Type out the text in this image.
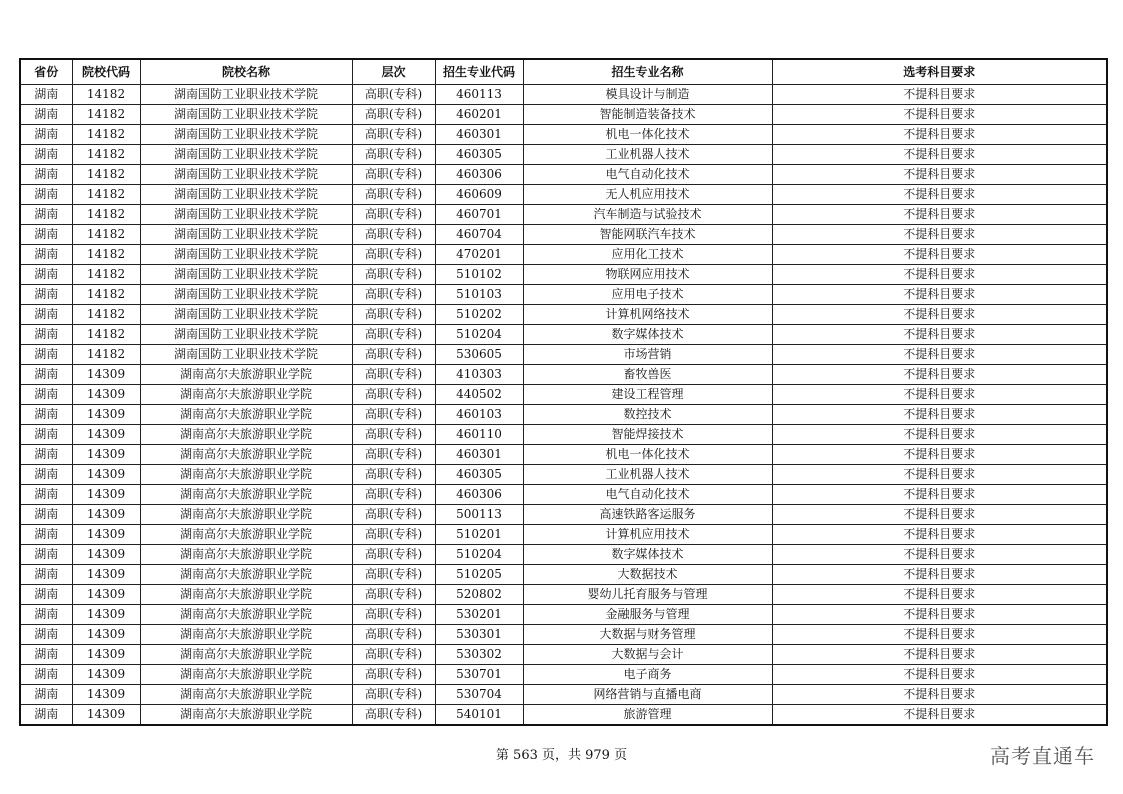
省份	院校代码	院校名称	层次	招生专业代码	招生专业名称	选考科目要求
湖南	14182	湖南国防工业职业技术学院	高职(专科)	460113	模具设计与制造	不提科目要求
湖南	14182	湖南国防工业职业技术学院	高职(专科)	460201	智能制造装备技术	不提科目要求
湖南	14182	湖南国防工业职业技术学院	高职(专科)	460301	机电一体化技术	不提科目要求
湖南	14182	湖南国防工业职业技术学院	高职(专科)	460305	工业机器人技术	不提科目要求
湖南	14182	湖南国防工业职业技术学院	高职(专科)	460306	电气自动化技术	不提科目要求
湖南	14182	湖南国防工业职业技术学院	高职(专科)	460609	无人机应用技术	不提科目要求
湖南	14182	湖南国防工业职业技术学院	高职(专科)	460701	汽车制造与试验技术	不提科目要求
湖南	14182	湖南国防工业职业技术学院	高职(专科)	460704	智能网联汽车技术	不提科目要求
湖南	14182	湖南国防工业职业技术学院	高职(专科)	470201	应用化工技术	不提科目要求
湖南	14182	湖南国防工业职业技术学院	高职(专科)	510102	物联网应用技术	不提科目要求
湖南	14182	湖南国防工业职业技术学院	高职(专科)	510103	应用电子技术	不提科目要求
湖南	14182	湖南国防工业职业技术学院	高职(专科)	510202	计算机网络技术	不提科目要求
湖南	14182	湖南国防工业职业技术学院	高职(专科)	510204	数字媒体技术	不提科目要求
湖南	14182	湖南国防工业职业技术学院	高职(专科)	530605	市场营销	不提科目要求
湖南	14309	湖南高尔夫旅游职业学院	高职(专科)	410303	畜牧兽医	不提科目要求
湖南	14309	湖南高尔夫旅游职业学院	高职(专科)	440502	建设工程管理	不提科目要求
湖南	14309	湖南高尔夫旅游职业学院	高职(专科)	460103	数控技术	不提科目要求
湖南	14309	湖南高尔夫旅游职业学院	高职(专科)	460110	智能焊接技术	不提科目要求
湖南	14309	湖南高尔夫旅游职业学院	高职(专科)	460301	机电一体化技术	不提科目要求
湖南	14309	湖南高尔夫旅游职业学院	高职(专科)	460305	工业机器人技术	不提科目要求
湖南	14309	湖南高尔夫旅游职业学院	高职(专科)	460306	电气自动化技术	不提科目要求
湖南	14309	湖南高尔夫旅游职业学院	高职(专科)	500113	高速铁路客运服务	不提科目要求
湖南	14309	湖南高尔夫旅游职业学院	高职(专科)	510201	计算机应用技术	不提科目要求
湖南	14309	湖南高尔夫旅游职业学院	高职(专科)	510204	数字媒体技术	不提科目要求
湖南	14309	湖南高尔夫旅游职业学院	高职(专科)	510205	大数据技术	不提科目要求
湖南	14309	湖南高尔夫旅游职业学院	高职(专科)	520802	婴幼儿托育服务与管理	不提科目要求
湖南	14309	湖南高尔夫旅游职业学院	高职(专科)	530201	金融服务与管理	不提科目要求
湖南	14309	湖南高尔夫旅游职业学院	高职(专科)	530301	大数据与财务管理	不提科目要求
湖南	14309	湖南高尔夫旅游职业学院	高职(专科)	530302	大数据与会计	不提科目要求
湖南	14309	湖南高尔夫旅游职业学院	高职(专科)	530701	电子商务	不提科目要求
湖南	14309	湖南高尔夫旅游职业学院	高职(专科)	530704	网络营销与直播电商	不提科目要求
湖南	14309	湖南高尔夫旅游职业学院	高职(专科)	540101	旅游管理	不提科目要求
第 563 页，共 979 页	高考直通车
